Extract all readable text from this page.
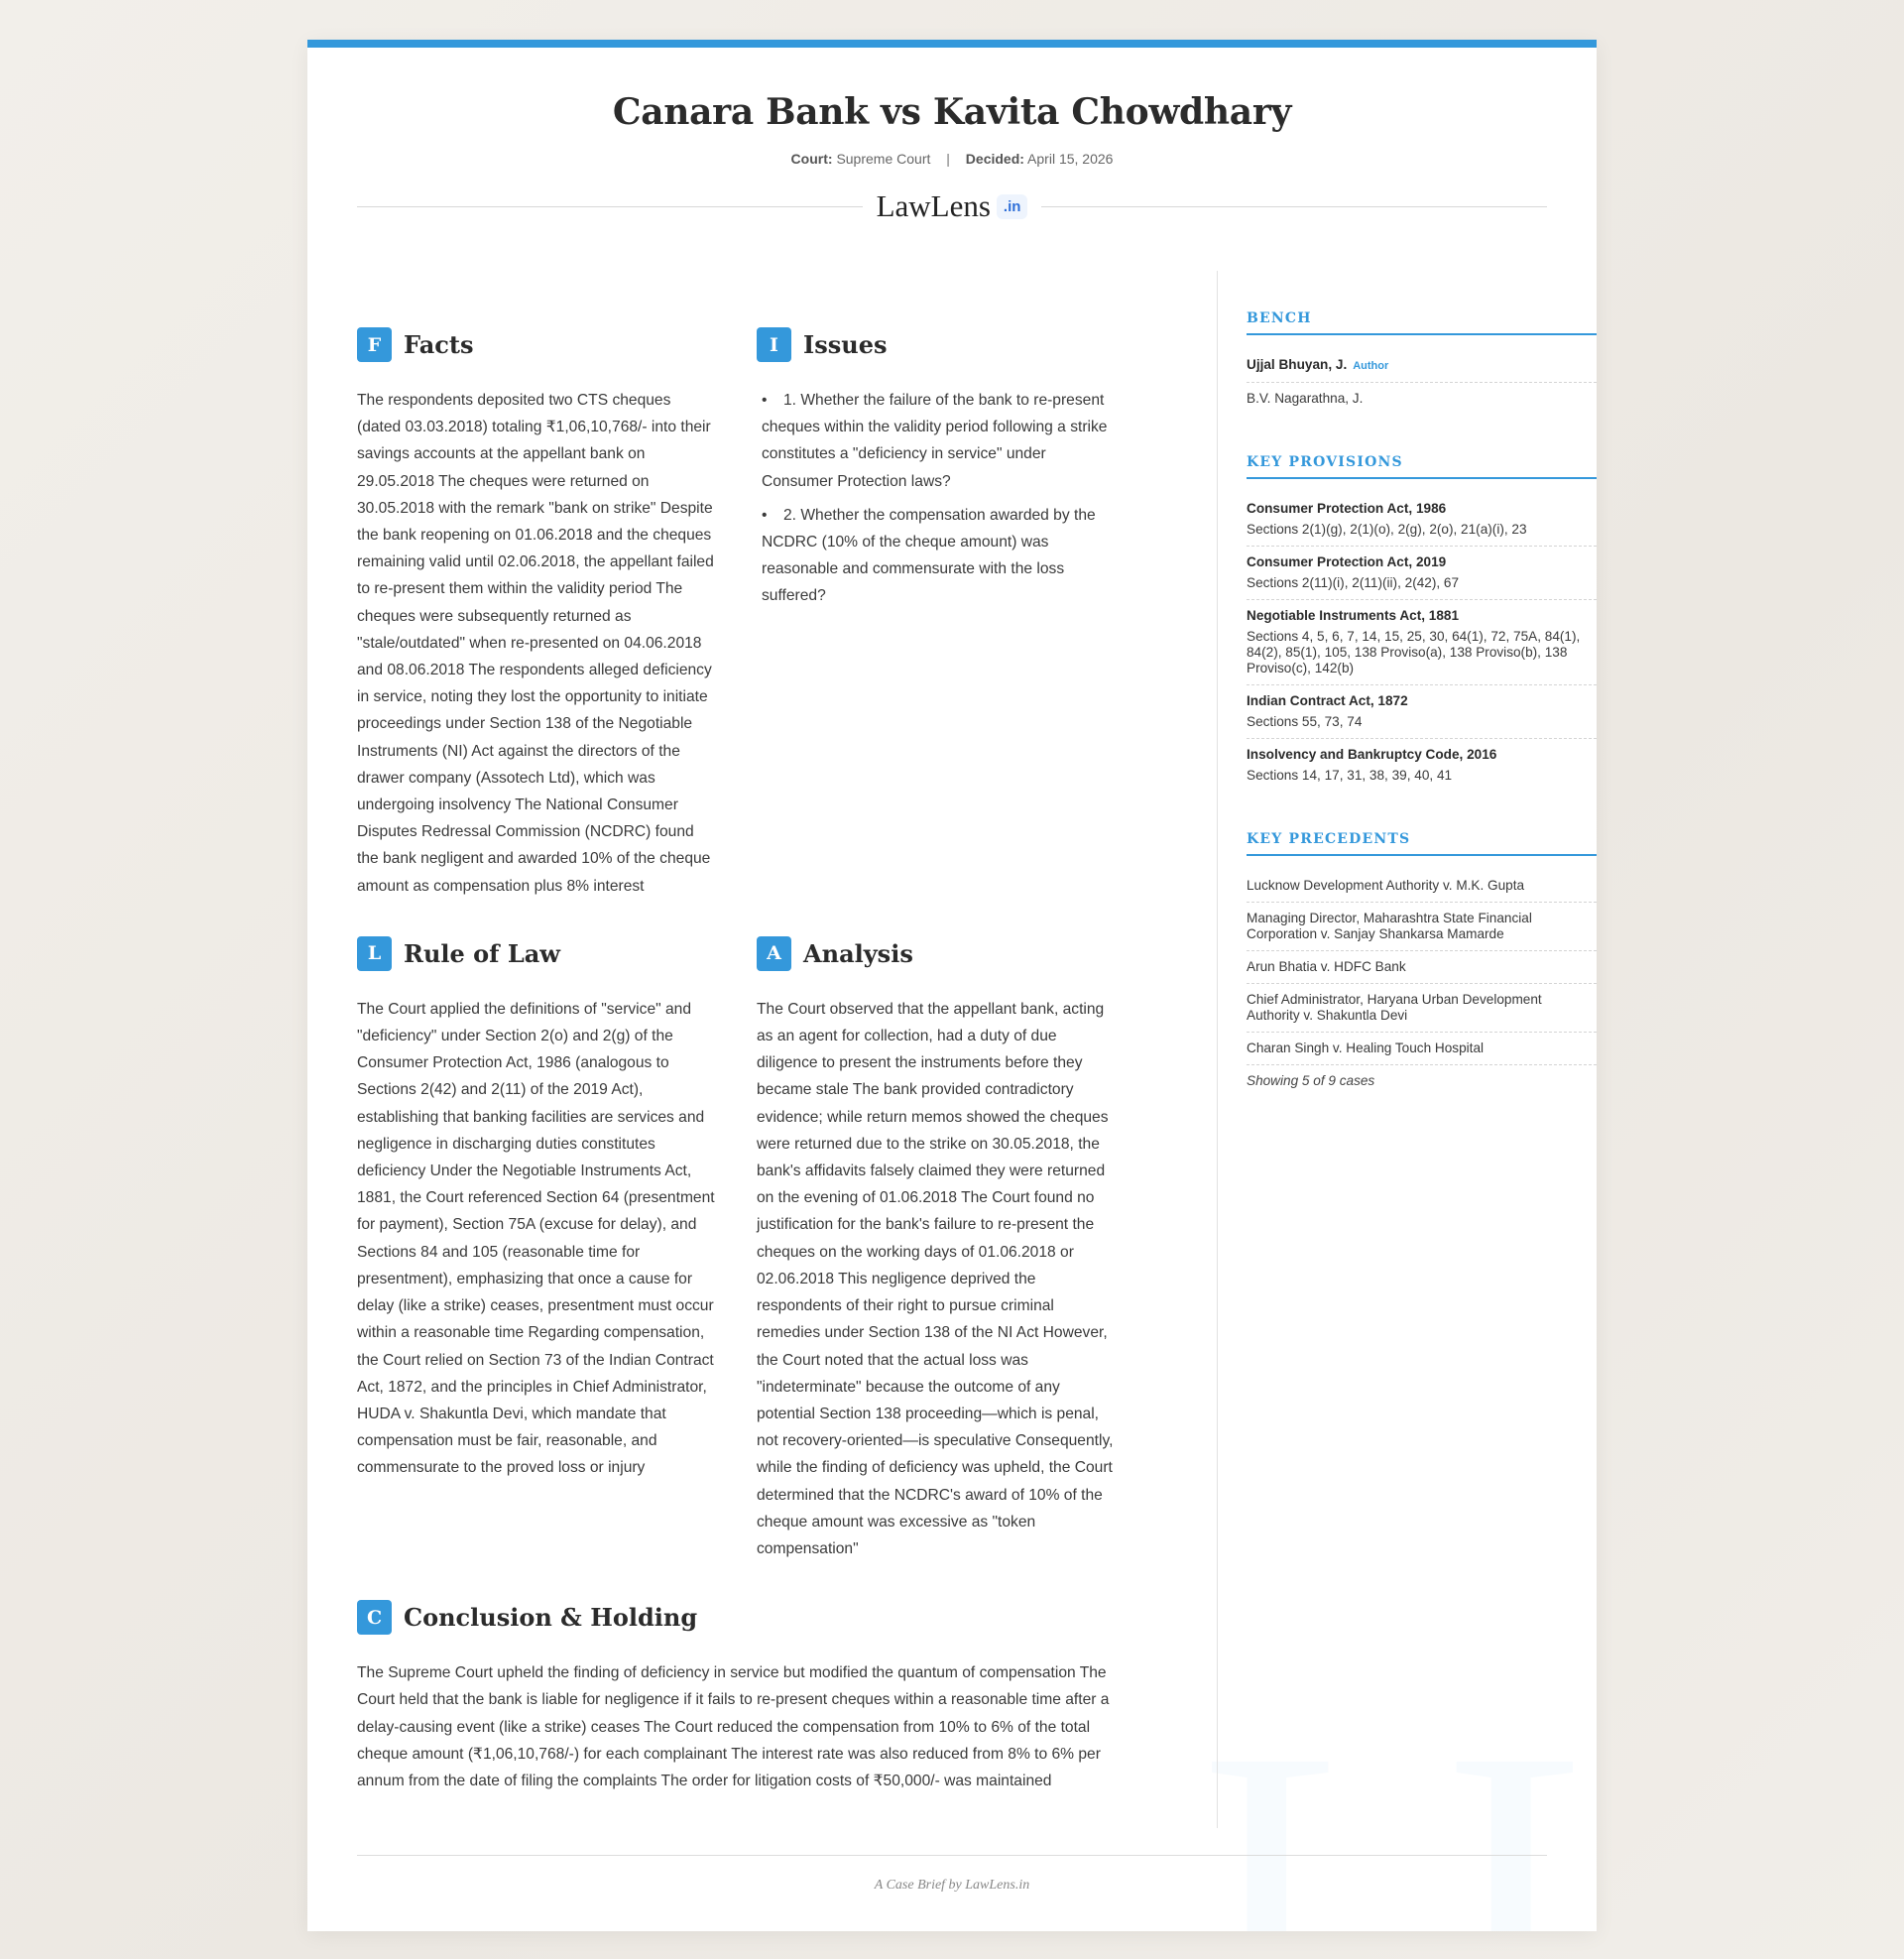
Canara Bank vs Kavita Chowdhary
Court: Supreme Court | Decided: April 15, 2026
LawLens .in
F Facts

The respondents deposited two CTS cheques (dated 03.03.2018) totaling ₹1,06,10,768/- into their savings accounts at the appellant bank on 29.05.2018 The cheques were returned on 30.05.2018 with the remark "bank on strike" Despite the bank reopening on 01.06.2018 and the cheques remaining valid until 02.06.2018, the appellant failed to re-present them within the validity period The cheques were subsequently returned as "stale/outdated" when re-presented on 04.06.2018 and 08.06.2018 The respondents alleged deficiency in service, noting they lost the opportunity to initiate proceedings under Section 138 of the Negotiable Instruments (NI) Act against the directors of the drawer company (Assotech Ltd), which was undergoing insolvency The National Consumer Disputes Redressal Commission (NCDRC) found the bank negligent and awarded 10% of the cheque amount as compensation plus 8% interest

I	Issues
• 1. Whether the failure of the bank to re-present cheques within the validity period following a strike constitutes a "deficiency in service" under Consumer Protection laws?
• 2. Whether the compensation awarded by the NCDRC (10% of the cheque amount) was reasonable and commensurate with the loss suffered?
L Rule of Law

The Court applied the definitions of "service" and "deficiency" under Section 2(o) and 2(g) of the Consumer Protection Act, 1986 (analogous to Sections 2(42) and 2(11) of the 2019 Act), establishing that banking facilities are services and negligence in discharging duties constitutes deficiency Under the Negotiable Instruments Act, 1881, the Court referenced Section 64 (presentment for payment), Section 75A (excuse for delay), and Sections 84 and 105 (reasonable time for presentment), emphasizing that once a cause for delay (like a strike) ceases, presentment must occur within a reasonable time Regarding compensation, the Court relied on Section 73 of the Indian Contract Act, 1872, and the principles in Chief Administrator, HUDA v. Shakuntla Devi, which mandate that compensation must be fair, reasonable, and commensurate to the proved loss or injury

A Analysis

The Court observed that the appellant bank, acting as an agent for collection, had a duty of due diligence to present the instruments before they became stale The bank provided contradictory evidence; while return memos showed the cheques were returned due to the strike on 30.05.2018, the bank's affidavits falsely claimed they were returned on the evening of 01.06.2018 The Court found no justification for the bank's failure to re-present the cheques on the working days of 01.06.2018 or 02.06.2018 This negligence deprived the respondents of their right to pursue criminal remedies under Section 138 of the NI Act However, the Court noted that the actual loss was "indeterminate" because the outcome of any potential Section 138 proceeding—which is penal, not recovery-oriented—is speculative Consequently, while the finding of deficiency was upheld, the Court determined that the NCDRC's award of 10% of the cheque amount was excessive as "token compensation"

C Conclusion & Holding

The Supreme Court upheld the finding of deficiency in service but modified the quantum of compensation The Court held that the bank is liable for negligence if it fails to re-present cheques within a reasonable time after a delay-causing event (like a strike) ceases The Court reduced the compensation from 10% to 6% of the total cheque amount (₹1,06,10,768/-) for each complainant The interest rate was also reduced from 8% to 6% per annum from the date of filing the complaints The order for litigation costs of ₹50,000/- was maintained

BENCH
Ujjal Bhuyan, J. Author
B.V. Nagarathna, J.
KEY PROVISIONS
Consumer Protection Act, 1986
Sections 2(1)(g), 2(1)(o), 2(g), 2(o), 21(a)(i), 23
Consumer Protection Act, 2019
Sections 2(11)(i), 2(11)(ii), 2(42), 67
Negotiable Instruments Act, 1881
Sections 4, 5, 6, 7, 14, 15, 25, 30, 64(1), 72, 75A, 84(1), 84(2), 85(1), 105, 138 Proviso(a), 138 Proviso(b), 138 Proviso(c), 142(b)
Indian Contract Act, 1872
Sections 55, 73, 74
Insolvency and Bankruptcy Code, 2016
Sections 14, 17, 31, 38, 39, 40, 41
KEY PRECEDENTS
Lucknow Development Authority v. M.K. Gupta
Managing Director, Maharashtra State Financial Corporation v. Sanjay Shankarsa Mamarde
Arun Bhatia v. HDFC Bank
Chief Administrator, Haryana Urban Development Authority v. Shakuntla Devi
Charan Singh v. Healing Touch Hospital
Showing 5 of 9 cases
A Case Brief by LawLens.in
